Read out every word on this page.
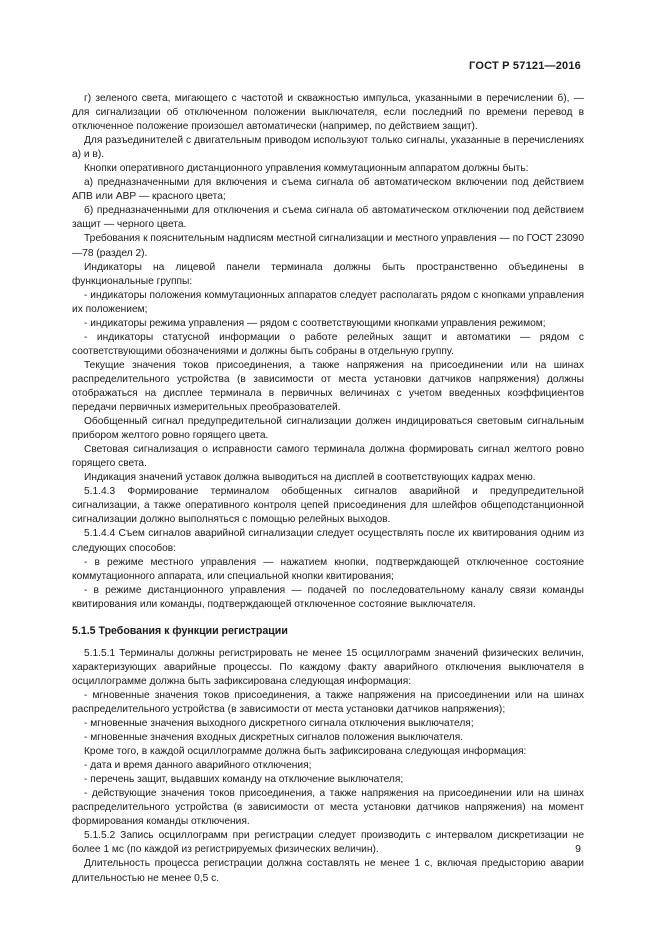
ГОСТ Р 57121—2016

г) зеленого света, мигающего с частотой и скважностью импульса, указанными в перечислении б), — для сигнализации об отключенном положении выключателя, если последний по времени перевод в отключенное положение произошел автоматически (например, по действием защит).

Для разъединителей с двигательным приводом используют только сигналы, указанные в перечислениях а) и в).

Кнопки оперативного дистанционного управления коммутационным аппаратом должны быть:

а) предназначенными для включения и съема сигнала об автоматическом включении под действием АПВ или АВР — красного цвета;

б) предназначенными для отключения и съема сигнала об автоматическом отключении под действием защит — черного цвета.

Требования к пояснительным надписям местной сигнализации и местного управления — по ГОСТ 23090—78 (раздел 2).

Индикаторы на лицевой панели терминала должны быть пространственно объединены в функциональные группы:

- индикаторы положения коммутационных аппаратов следует располагать рядом с кнопками управления их положением;

- индикаторы режима управления — рядом с соответствующими кнопками управления режимом;

- индикаторы статусной информации о работе релейных защит и автоматики — рядом с соответствующими обозначениями и должны быть собраны в отдельную группу.

Текущие значения токов присоединения, а также напряжения на присоединении или на шинах распределительного устройства (в зависимости от места установки датчиков напряжения) должны отображаться на дисплее терминала в первичных величинах с учетом введенных коэффициентов передачи первичных измерительных преобразователей.

Обобщенный сигнал предупредительной сигнализации должен индицироваться световым сигнальным прибором желтого ровно горящего цвета.

Световая сигнализация о исправности самого терминала должна формировать сигнал желтого ровно горящего света.

Индикация значений уставок должна выводиться на дисплей в соответствующих кадрах меню.

5.1.4.3 Формирование терминалом обобщенных сигналов аварийной и предупредительной сигнализации, а также оперативного контроля цепей присоединения для шлейфов общеподстанционной сигнализации должно выполняться с помощью релейных выходов.

5.1.4.4 Съем сигналов аварийной сигнализации следует осуществлять после их квитирования одним из следующих способов:

- в режиме местного управления — нажатием кнопки, подтверждающей отключенное состояние коммутационного аппарата, или специальной кнопки квитирования;

- в режиме дистанционного управления — подачей по последовательному каналу связи команды квитирования или команды, подтверждающей отключенное состояние выключателя.

5.1.5 Требования к функции регистрации

5.1.5.1 Терминалы должны регистрировать не менее 15 осциллограмм значений физических величин, характеризующих аварийные процессы. По каждому факту аварийного отключения выключателя в осциллограмме должна быть зафиксирована следующая информация:

- мгновенные значения токов присоединения, а также напряжения на присоединении или на шинах распределительного устройства (в зависимости от места установки датчиков напряжения);

- мгновенные значения выходного дискретного сигнала отключения выключателя;

- мгновенные значения входных дискретных сигналов положения выключателя.

Кроме того, в каждой осциллограмме должна быть зафиксирована следующая информация:

- дата и время данного аварийного отключения;

- перечень защит, выдавших команду на отключение выключателя;

- действующие значения токов присоединения, а также напряжения на присоединении или на шинах распределительного устройства (в зависимости от места установки датчиков напряжения) на момент формирования команды отключения.

5.1.5.2 Запись осциллограмм при регистрации следует производить с интервалом дискретизации не более 1 мс (по каждой из регистрируемых физических величин).

Длительность процесса регистрации должна составлять не менее 1 с, включая предысторию аварии длительностью не менее 0,5 с.

9
